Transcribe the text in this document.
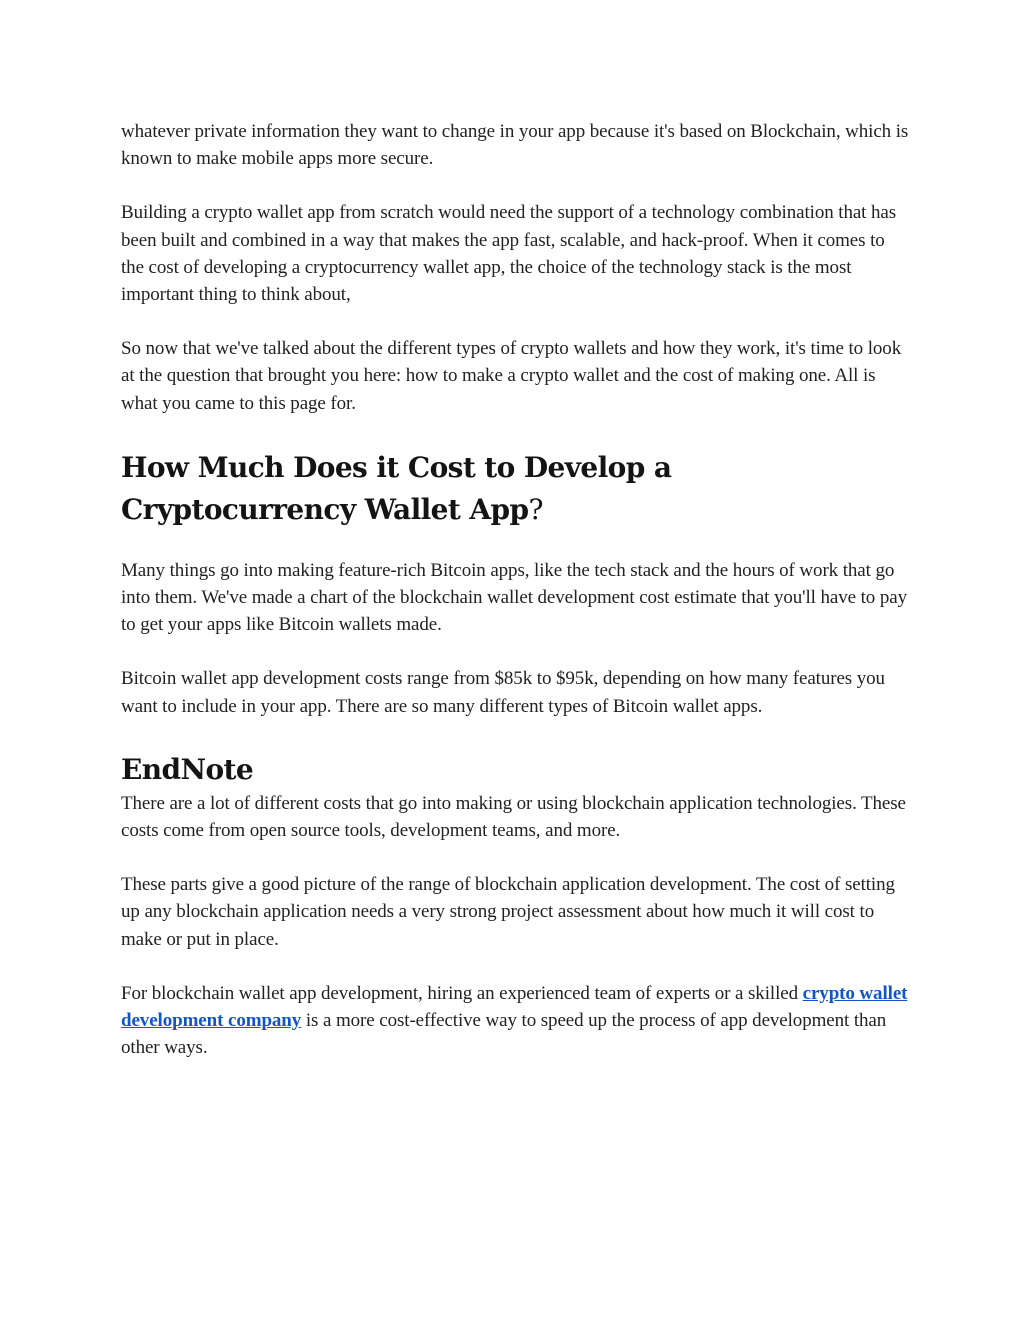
whatever private information they want to change in your app because it's based on Blockchain, which is known to make mobile apps more secure.

Building a crypto wallet app from scratch would need the support of a technology combination that has been built and combined in a way that makes the app fast, scalable, and hack-proof. When it comes to the cost of developing a cryptocurrency wallet app, the choice of the technology stack is the most important thing to think about,

So now that we've talked about the different types of crypto wallets and how they work, it's time to look at the question that brought you here: how to make a crypto wallet and the cost of making one. All is what you came to this page for.

How Much Does it Cost to Develop a Cryptocurrency Wallet App?

Many things go into making feature-rich Bitcoin apps, like the tech stack and the hours of work that go into them. We've made a chart of the blockchain wallet development cost estimate that you'll have to pay to get your apps like Bitcoin wallets made.

Bitcoin wallet app development costs range from $85k to $95k, depending on how many features you want to include in your app. There are so many different types of Bitcoin wallet apps.

EndNote

There are a lot of different costs that go into making or using blockchain application technologies. These costs come from open source tools, development teams, and more.

These parts give a good picture of the range of blockchain application development. The cost of setting up any blockchain application needs a very strong project assessment about how much it will cost to make or put in place.

For blockchain wallet app development, hiring an experienced team of experts or a skilled crypto wallet development company is a more cost-effective way to speed up the process of app development than other ways.
